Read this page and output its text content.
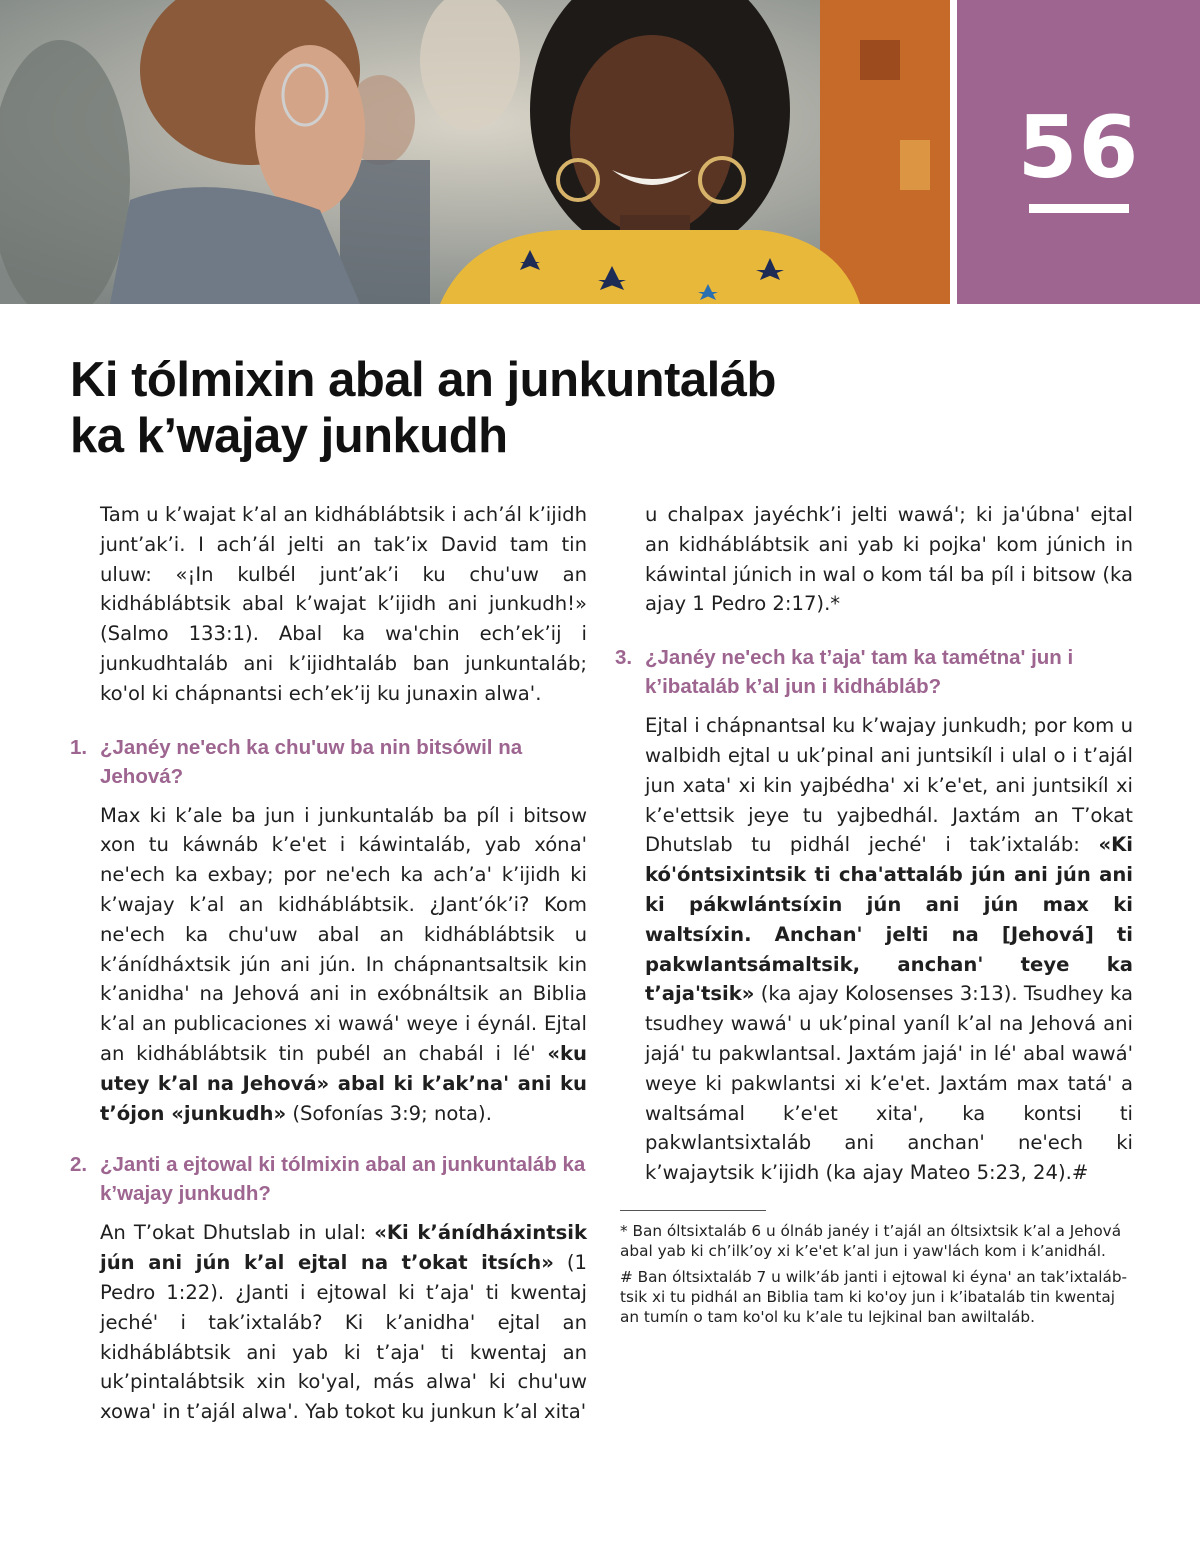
56
Ki tólmixin abal an junkuntaláb
ka k’wajay junkudh

Tam u k’wajat k’al an kidháblábtsik i ach’ál k’ijidh junt’ak’i. I ach’ál jelti an tak’ix David tam tin uluw: «¡In kulbél junt’ak’i ku chu'uw an kidháblábtsik abal k’wajat k’ijidh ani junkudh!» (Salmo 133:1). Abal ka wa'chin ech’ek’ij i junkudhtaláb ani k’ijidhtaláb ban junkuntaláb; ko'ol ki chápnantsi ech’ek’ij ku junaxin alwa'.

1. ¿Janéy ne'ech ka chu'uw ba nin bitsówil na Jehová?

Max ki k’ale ba jun i junkuntaláb ba píl i bitsow xon tu káwnáb k’e'et i káwintaláb, yab xóna' ne'ech ka exbay; por ne'ech ka ach’a' k’ijidh ki k’wajay k’al an kidháblábtsik. ¿Jant’ók’i? Kom ne'ech ka chu'uw abal an kidháblábtsik u k’ánídháxtsik jún ani jún. In chápnantsaltsik kin k’anidha' na Jehová ani in exóbnáltsik an Biblia k’al an publicaciones xi wawá' weye i éynál. Ejtal an kidháblábtsik tin pubél an chabál i lé' «ku utey k’al na Jehová» abal ki k’ak’na' ani ku t’ójon «junkudh» (Sofonías 3:9; nota).

2. ¿Janti a ejtowal ki tólmixin abal an junkuntaláb ka k’wajay junkudh?

An T’okat Dhutslab in ulal: «Ki k’ánídháxintsik jún ani jún k’al ejtal na t’okat itsích» (1 Pedro 1:22). ¿Janti i ejtowal ki t’aja' ti kwentaj jeché' i tak’ixtaláb? Ki k’anidha' ejtal an kidháblábtsik ani yab ki t’aja' ti kwentaj an uk’pintalábtsik xin ko'yal, más alwa' ki chu'uw xowa' in t’ajál alwa'. Yab tokot ku junkun k’al xita'

u chalpax jayéchk’i jelti wawá'; ki ja'úbna' ejtal an kidháblábtsik ani yab ki pojka' kom júnich in káwintal júnich in wal o kom tál ba píl i bitsow (ka ajay 1 Pedro 2:17).*

3. ¿Janéy ne'ech ka t’aja' tam ka tamétna' jun i k’ibataláb k’al jun i kidhábláb?

Ejtal i chápnantsal ku k’wajay junkudh; por kom u walbidh ejtal u uk’pinal ani juntsikíl i ulal o i t’ajál jun xata' xi kin yajbédha' xi k’e'et, ani juntsikíl xi k’e'ettsik jeye tu yajbedhál. Jaxtám an T’okat Dhutslab tu pidhál jeché' i tak’ixtaláb: «Ki kó'óntsixintsik ti cha'attaláb jún ani jún ani ki pákwlántsíxin jún ani jún max ki waltsíxin. Anchan' jelti na [Jehová] ti pakwlantsámaltsik, anchan' teye ka t’aja'tsik» (ka ajay Kolosenses 3:13). Tsudhey ka tsudhey wawá' u uk’pinal yaníl k’al na Jehová ani jajá' tu pakwlantsal. Jaxtám jajá' in lé' abal wawá' weye ki pakwlantsi xi k’e'et. Jaxtám max tatá' a waltsámal k’e'et xita', ka kontsi ti pakwlantsixtaláb ani anchan' ne'ech ki k’wajaytsik k’ijidh (ka ajay Mateo 5:23, 24).#

* Ban óltsixtaláb 6 u ólnáb janéy i t’ajál an óltsixtsik k’al a Jehová abal yab ki ch’ilk’oy xi k’e'et k’al jun i yaw'lách kom i k’anidhál.

# Ban óltsixtaláb 7 u wilk’áb janti i ejtowal ki éyna' an tak’ixtalábtsik xi tu pidhál an Biblia tam ki ko'oy jun i k’ibataláb tin kwentaj an tumín o tam ko'ol ku k’ale tu lejkinal ban awiltaláb.
